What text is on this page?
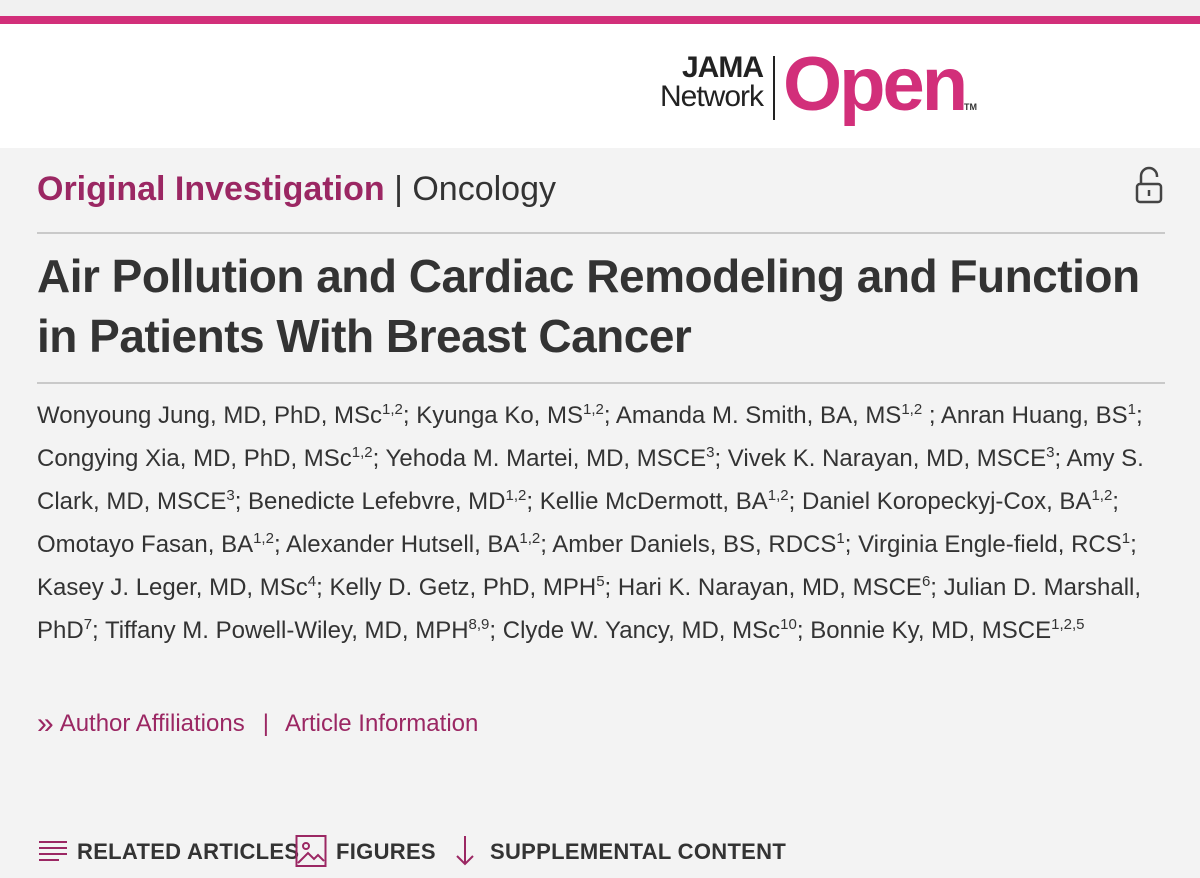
JAMA
Network Open
TM
Original Investigation | Oncology
Air Pollution and Cardiac Remodeling and Function in Patients With Breast Cancer
Wonyoung Jung, MD, PhD, MSc$^{1,2}$; Kyunga Ko, MS$^{1,2}$; Amanda M. Smith, BA, MS$^{1,2}$ ; Anran Huang, $BS^1$; Congying Xia, MD, PhD, MSc$^{1,2}$; Yehoda M. Martei, MD, MSCE$^3$; Vivek K. Narayan, MD, MSCE$^3$; Amy S. Clark, MD, MSCE$^3$; Benedicte Lefebvre, MD$^{1,2}$; Kellie McDermott, BA$^{1,2}$; Daniel Koropeckyj-Cox, BA$^{1,2}$; Omotayo Fasan, BA$^{1,2}$; Alexander Hutsell, BA$^{1,2}$; Amber Daniels, BS, RDCS$^1$; Virginia Engle-field, RCS$^1$; Kasey J. Leger, MD, MSc$^4$; Kelly D. Getz, PhD, MPH$^5$; Hari K. Narayan, MD, MSCE$^6$; Julian D. Marshall, PhD$^7$; Tiffany M. Powell-Wiley, MD, MPH$^{8,9}$; Clyde W. Yancy, MD, MSc$^{10}$; Bonnie Ky, MD, MSCE$^{1,2,5}$
» Author Affiliations | Article Information
RELATED ARTICLES FIGURES SUPPLEMENTAL CONTENT
